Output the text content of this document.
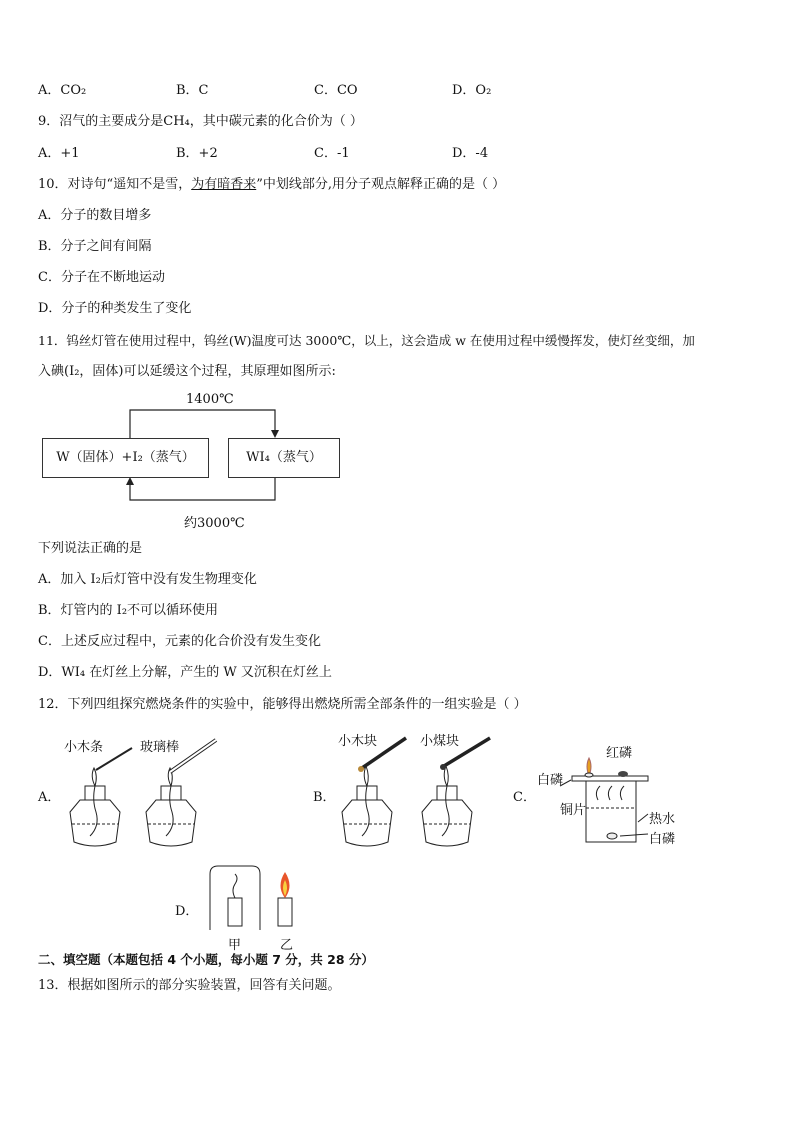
A．CO₂	B．C	C．CO	D．O₂
9．沼气的主要成分是CH₄，其中碳元素的化合价为（ ）
A．+1	B．+2	C．-1	D．-4
10．对诗句“遥知不是雪，为有暗香来”中划线部分,用分子观点解释正确的是（ ）
A．分子的数目增多
B．分子之间有间隔
C．分子在不断地运动
D．分子的种类发生了变化
11．钨丝灯管在使用过程中，钨丝(W)温度可达 3000℃，以上，这会造成 w 在使用过程中缓慢挥发，使灯丝变细，加
入碘(I₂，固体)可以延缓这个过程，其原理如图所示:
1400℃
W（固体）+I₂（蒸气）	WI₄（蒸气）
约3000℃
下列说法正确的是
A．加入 I₂后灯管中没有发生物理变化
B．灯管内的 I₂不可以循环使用
C．上述反应过程中，元素的化合价没有发生变化
D．WI₄ 在灯丝上分解，产生的 W 又沉积在灯丝上
12．下列四组探究燃烧条件的实验中，能够得出燃烧所需全部条件的一组实验是（ ）
A．	B．	C．
D．
小木条	玻璃棒	小木块	小煤块
红磷
白磷
铜片
热水
白磷
甲	乙
二、填空题（本题包括 4 个小题，每小题 7 分，共 28 分）
13．根据如图所示的部分实验装置，回答有关问题。
